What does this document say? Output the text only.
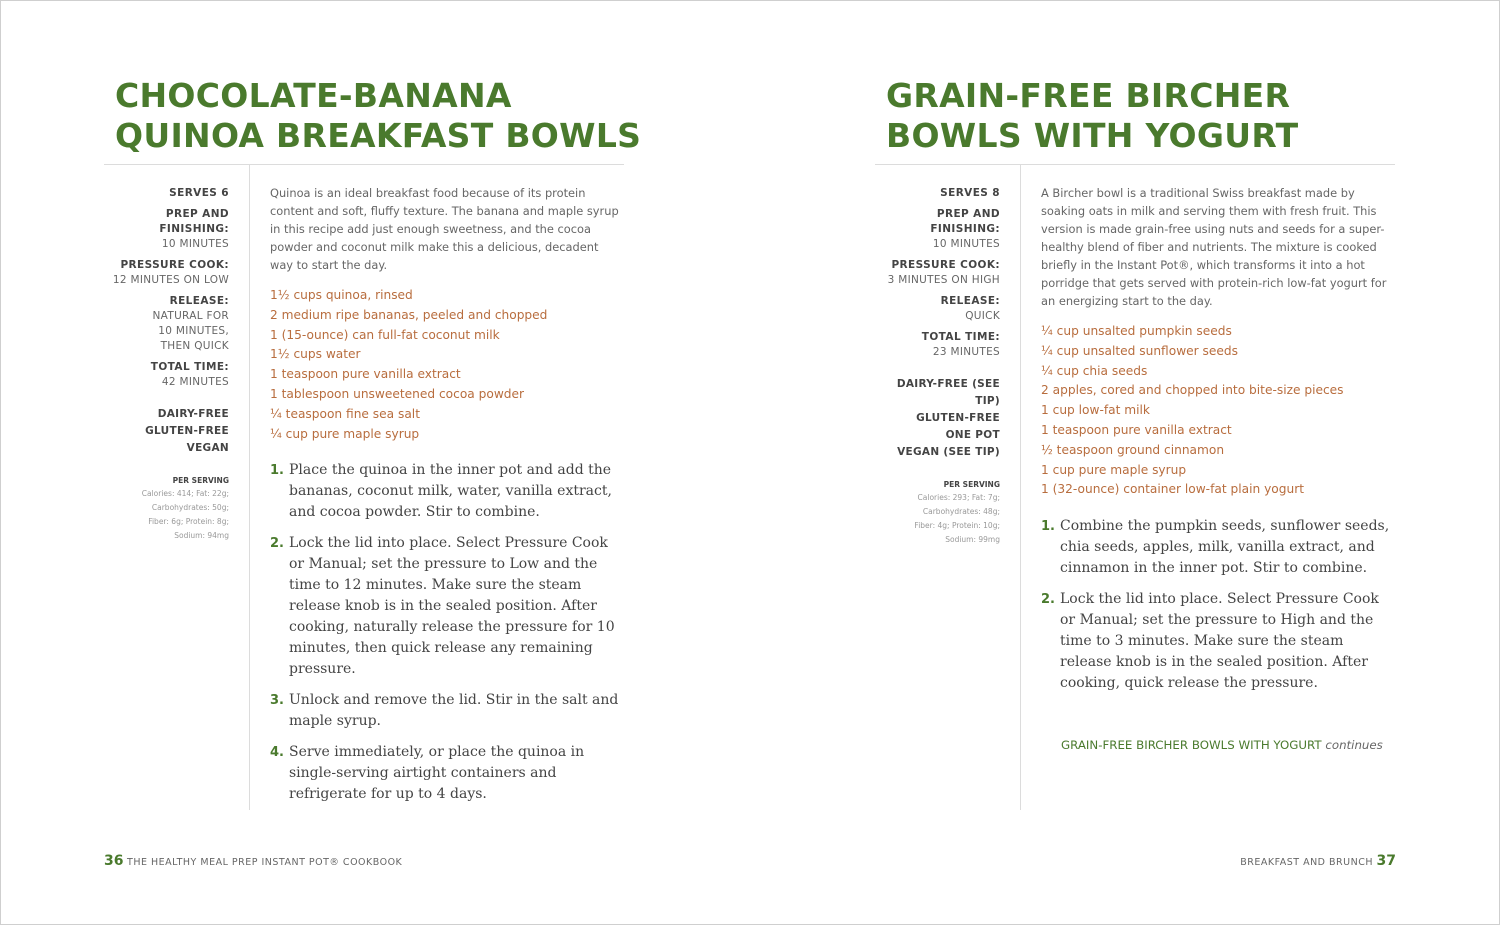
CHOCOLATE-BANANA
QUINOA BREAKFAST BOWLS
SERVES 6
PREP AND FINISHING:
10 MINUTES
PRESSURE COOK:
12 MINUTES ON LOW
RELEASE:
NATURAL FOR
10 MINUTES,
THEN QUICK
TOTAL TIME:
42 MINUTES
DAIRY-FREE
GLUTEN-FREE
VEGAN
PER SERVING
Calories: 414; Fat: 22g;
Carbohydrates: 50g;
Fiber: 6g; Protein: 8g;
Sodium: 94mg

Quinoa is an ideal breakfast food because of its protein content and soft, fluffy texture. The banana and maple syrup in this recipe add just enough sweetness, and the cocoa powder and coconut milk make this a delicious, decadent way to start the day.

1½ cups quinoa, rinsed
2 medium ripe bananas, peeled and chopped
1 (15-ounce) can full-fat coconut milk
1½ cups water
1 teaspoon pure vanilla extract
1 tablespoon unsweetened cocoa powder
¼ teaspoon fine sea salt
¼ cup pure maple syrup
1. Place the quinoa in the inner pot and add the bananas, coconut milk, water, vanilla extract, and cocoa powder. Stir to combine.
2. Lock the lid into place. Select Pressure Cook or Manual; set the pressure to Low and the time to 12 minutes. Make sure the steam release knob is in the sealed position. After cooking, naturally release the pressure for 10 minutes, then quick release any remaining pressure.
3. Unlock and remove the lid. Stir in the salt and maple syrup.
4. Serve immediately, or place the quinoa in single-serving airtight containers and refrigerate for up to 4 days.
36 THE HEALTHY MEAL PREP INSTANT POT® COOKBOOK
GRAIN-FREE BIRCHER
BOWLS WITH YOGURT
SERVES 8
PREP AND FINISHING:
10 MINUTES
PRESSURE COOK:
3 MINUTES ON HIGH
RELEASE:
QUICK
TOTAL TIME:
23 MINUTES
DAIRY-FREE (SEE TIP)
GLUTEN-FREE
ONE POT
VEGAN (SEE TIP)
PER SERVING
Calories: 293; Fat: 7g;
Carbohydrates: 48g;
Fiber: 4g; Protein: 10g;
Sodium: 99mg

A Bircher bowl is a traditional Swiss breakfast made by soaking oats in milk and serving them with fresh fruit. This version is made grain-free using nuts and seeds for a super-healthy blend of fiber and nutrients. The mixture is cooked briefly in the Instant Pot®, which transforms it into a hot porridge that gets served with protein-rich low-fat yogurt for an energizing start to the day.

¼ cup unsalted pumpkin seeds
¼ cup unsalted sunflower seeds
¼ cup chia seeds
2 apples, cored and chopped into bite-size pieces
1 cup low-fat milk
1 teaspoon pure vanilla extract
½ teaspoon ground cinnamon
1 cup pure maple syrup
1 (32-ounce) container low-fat plain yogurt
1. Combine the pumpkin seeds, sunflower seeds, chia seeds, apples, milk, vanilla extract, and cinnamon in the inner pot. Stir to combine.
2. Lock the lid into place. Select Pressure Cook or Manual; set the pressure to High and the time to 3 minutes. Make sure the steam release knob is in the sealed position. After cooking, quick release the pressure.
GRAIN-FREE BIRCHER BOWLS WITH YOGURT continues
BREAKFAST AND BRUNCH 37
